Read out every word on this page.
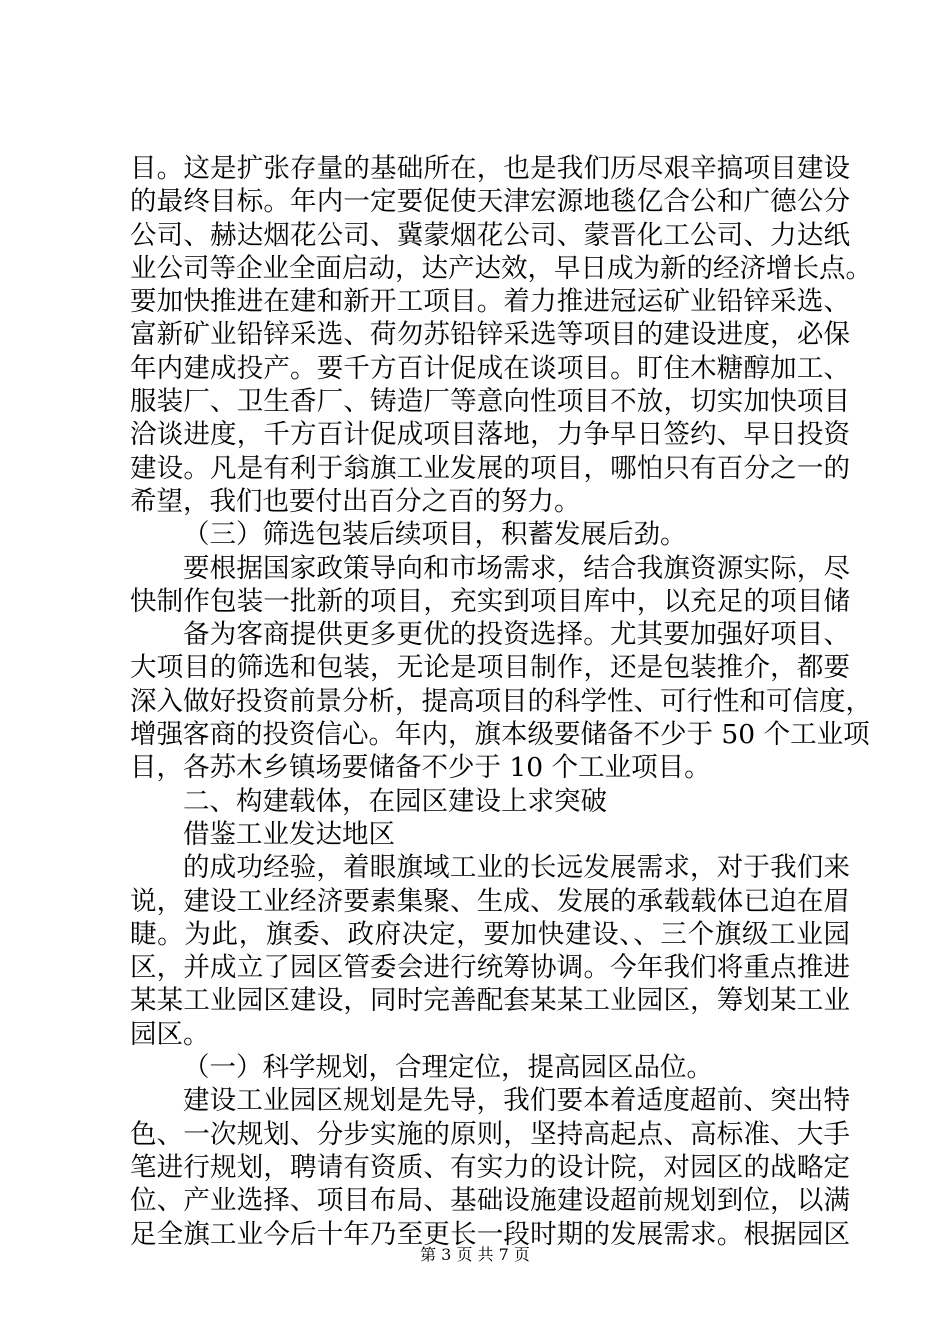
目。这是扩张存量的基础所在，也是我们历尽艰辛搞项目建设
的最终目标。年内一定要促使天津宏源地毯亿合公和广德公分
公司、赫达烟花公司、冀蒙烟花公司、蒙晋化工公司、力达纸
业公司等企业全面启动，达产达效，早日成为新的经济增长点。
要加快推进在建和新开工项目。着力推进冠运矿业铅锌采选、
富新矿业铅锌采选、荷勿苏铅锌采选等项目的建设进度，必保
年内建成投产。要千方百计促成在谈项目。盯住木糖醇加工、
服装厂、卫生香厂、铸造厂等意向性项目不放，切实加快项目
洽谈进度，千方百计促成项目落地，力争早日签约、早日投资
建设。凡是有利于翁旗工业发展的项目，哪怕只有百分之一的
希望，我们也要付出百分之百的努力。
（三）筛选包装后续项目，积蓄发展后劲。
要根据国家政策导向和市场需求，结合我旗资源实际，尽
快制作包装一批新的项目，充实到项目库中，以充足的项目储
备为客商提供更多更优的投资选择。尤其要加强好项目、
大项目的筛选和包装，无论是项目制作，还是包装推介，都要
深入做好投资前景分析，提高项目的科学性、可行性和可信度，
增强客商的投资信心。年内，旗本级要储备不少于 50 个工业项
目，各苏木乡镇场要储备不少于 10 个工业项目。
二、构建载体，在园区建设上求突破
借鉴工业发达地区
的成功经验，着眼旗域工业的长远发展需求，对于我们来
说，建设工业经济要素集聚、生成、发展的承载载体已迫在眉
睫。为此，旗委、政府决定，要加快建设、、三个旗级工业园
区，并成立了园区管委会进行统筹协调。今年我们将重点推进
某某工业园区建设，同时完善配套某某工业园区，筹划某工业
园区。
（一）科学规划，合理定位，提高园区品位。
建设工业园区规划是先导，我们要本着适度超前、突出特
色、一次规划、分步实施的原则，坚持高起点、高标准、大手
笔进行规划，聘请有资质、有实力的设计院，对园区的战略定
位、产业选择、项目布局、基础设施建设超前规划到位，以满
足全旗工业今后十年乃至更长一段时期的发展需求。根据园区
第 3 页 共 7 页
